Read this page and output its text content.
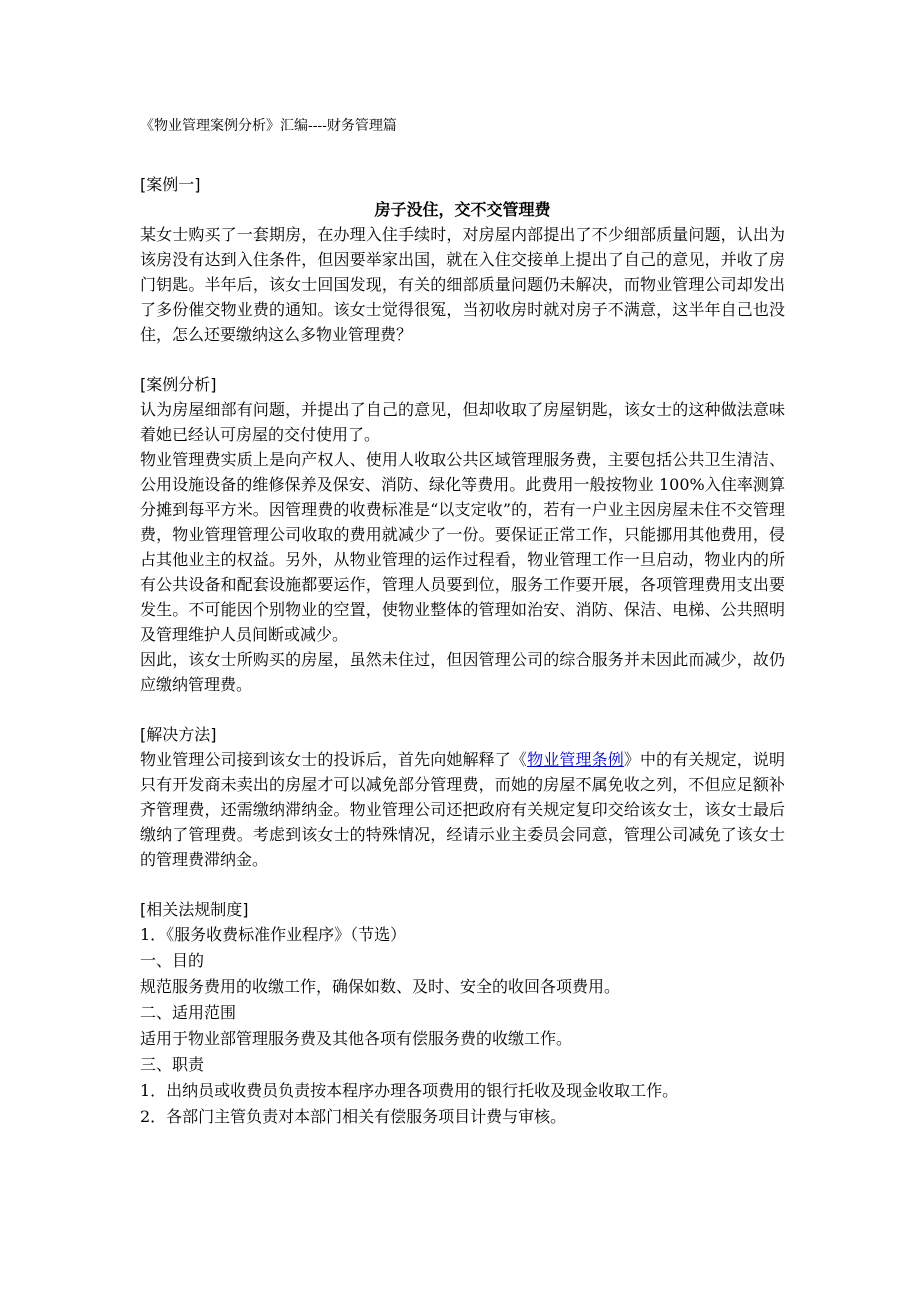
《物业管理案例分析》汇编----财务管理篇

[案例一]

房子没住，交不交管理费

某女士购买了一套期房，在办理入住手续时，对房屋内部提出了不少细部质量问题，认出为该房没有达到入住条件，但因要举家出国，就在入住交接单上提出了自己的意见，并收了房门钥匙。半年后，该女士回国发现，有关的细部质量问题仍未解决，而物业管理公司却发出了多份催交物业费的通知。该女士觉得很冤，当初收房时就对房子不满意，这半年自己也没住，怎么还要缴纳这么多物业管理费？

[案例分析]

认为房屋细部有问题，并提出了自己的意见，但却收取了房屋钥匙，该女士的这种做法意味着她已经认可房屋的交付使用了。

物业管理费实质上是向产权人、使用人收取公共区域管理服务费，主要包括公共卫生清洁、公用设施设备的维修保养及保安、消防、绿化等费用。此费用一般按物业 100%入住率测算分摊到每平方米。因管理费的收费标准是“以支定收”的，若有一户业主因房屋未住不交管理费，物业管理管理公司收取的费用就减少了一份。要保证正常工作，只能挪用其他费用，侵占其他业主的权益。另外，从物业管理的运作过程看，物业管理工作一旦启动，物业内的所有公共设备和配套设施都要运作，管理人员要到位，服务工作要开展，各项管理费用支出要发生。不可能因个别物业的空置，使物业整体的管理如治安、消防、保洁、电梯、公共照明及管理维护人员间断或减少。

因此，该女士所购买的房屋，虽然未住过，但因管理公司的综合服务并未因此而减少，故仍应缴纳管理费。

[解决方法]

物业管理公司接到该女士的投诉后，首先向她解释了《物业管理条例》中的有关规定，说明只有开发商未卖出的房屋才可以减免部分管理费，而她的房屋不属免收之列，不但应足额补齐管理费，还需缴纳滞纳金。物业管理公司还把政府有关规定复印交给该女士，该女士最后缴纳了管理费。考虑到该女士的特殊情况，经请示业主委员会同意，管理公司减免了该女士的管理费滞纳金。

[相关法规制度]

1．《服务收费标准作业程序》（节选）

一、目的

规范服务费用的收缴工作，确保如数、及时、安全的收回各项费用。

二、适用范围

适用于物业部管理服务费及其他各项有偿服务费的收缴工作。

三、职责

1．出纳员或收费员负责按本程序办理各项费用的银行托收及现金收取工作。

2．各部门主管负责对本部门相关有偿服务项目计费与审核。
